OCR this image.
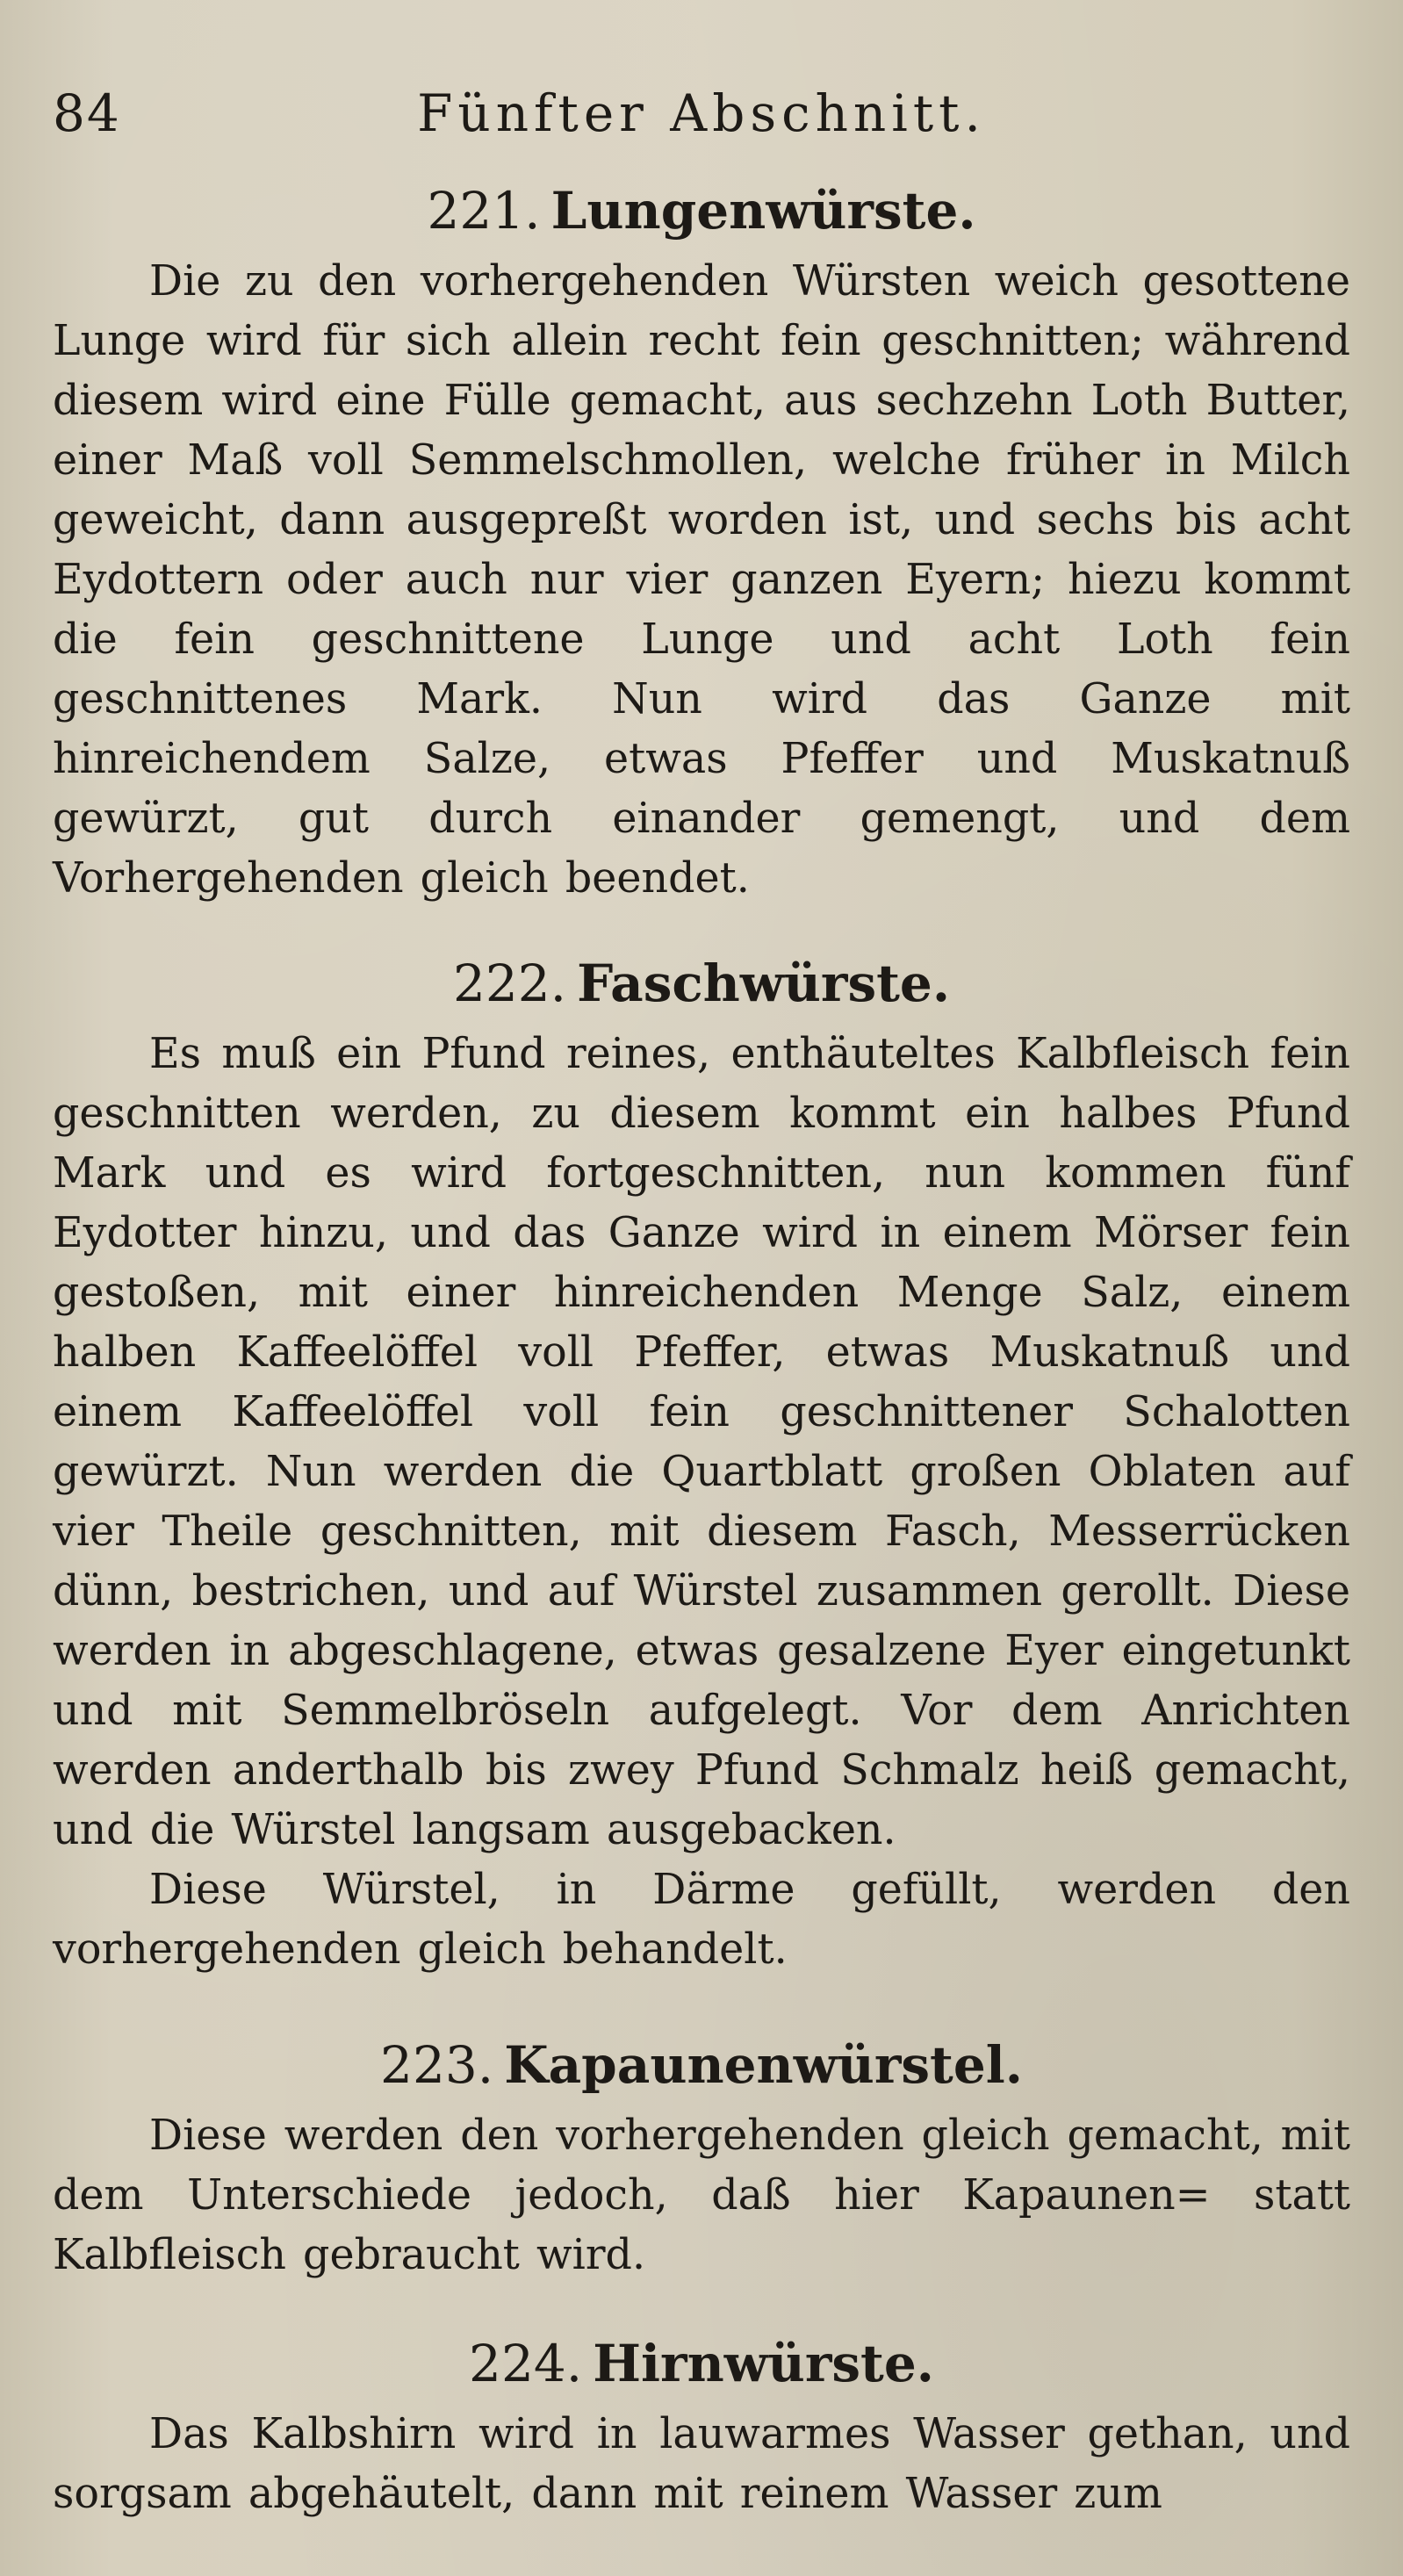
84	Fünfter Abschnitt.
221. Lungenwürste.

Die zu den vorhergehenden Würsten weich gesottene Lunge wird für sich allein recht fein geschnitten; während diesem wird eine Fülle gemacht, aus sechzehn Loth Butter, einer Maß voll Semmelschmollen, welche früher in Milch geweicht, dann ausgepreßt worden ist, und sechs bis acht Eydottern oder auch nur vier ganzen Eyern; hiezu kommt die fein geschnittene Lunge und acht Loth fein geschnittenes Mark. Nun wird das Ganze mit hinreichendem Salze, etwas Pfeffer und Muskatnuß gewürzt, gut durch einander gemengt, und dem Vorhergehenden gleich beendet.

222. Faschwürste.

Es muß ein Pfund reines, enthäuteltes Kalbfleisch fein geschnitten werden, zu diesem kommt ein halbes Pfund Mark und es wird fortgeschnitten, nun kommen fünf Eydotter hinzu, und das Ganze wird in einem Mörser fein gestoßen, mit einer hinreichenden Menge Salz, einem halben Kaffeelöffel voll Pfeffer, etwas Muskatnuß und einem Kaffeelöffel voll fein geschnittener Schalotten gewürzt. Nun werden die Quartblatt großen Oblaten auf vier Theile geschnitten, mit diesem Fasch, Messerrücken dünn, bestrichen, und auf Würstel zusammen gerollt. Diese werden in abgeschlagene, etwas gesalzene Eyer eingetunkt und mit Semmelbröseln aufgelegt. Vor dem Anrichten werden anderthalb bis zwey Pfund Schmalz heiß gemacht, und die Würstel langsam ausgebacken.

Diese Würstel, in Därme gefüllt, werden den vorhergehenden gleich behandelt.

223. Kapaunenwürstel.

Diese werden den vorhergehenden gleich gemacht, mit dem Unterschiede jedoch, daß hier Kapaunen= statt Kalbfleisch gebraucht wird.

224. Hirnwürste.

Das Kalbshirn wird in lauwarmes Wasser gethan, und sorgsam abgehäutelt, dann mit reinem Wasser zum
